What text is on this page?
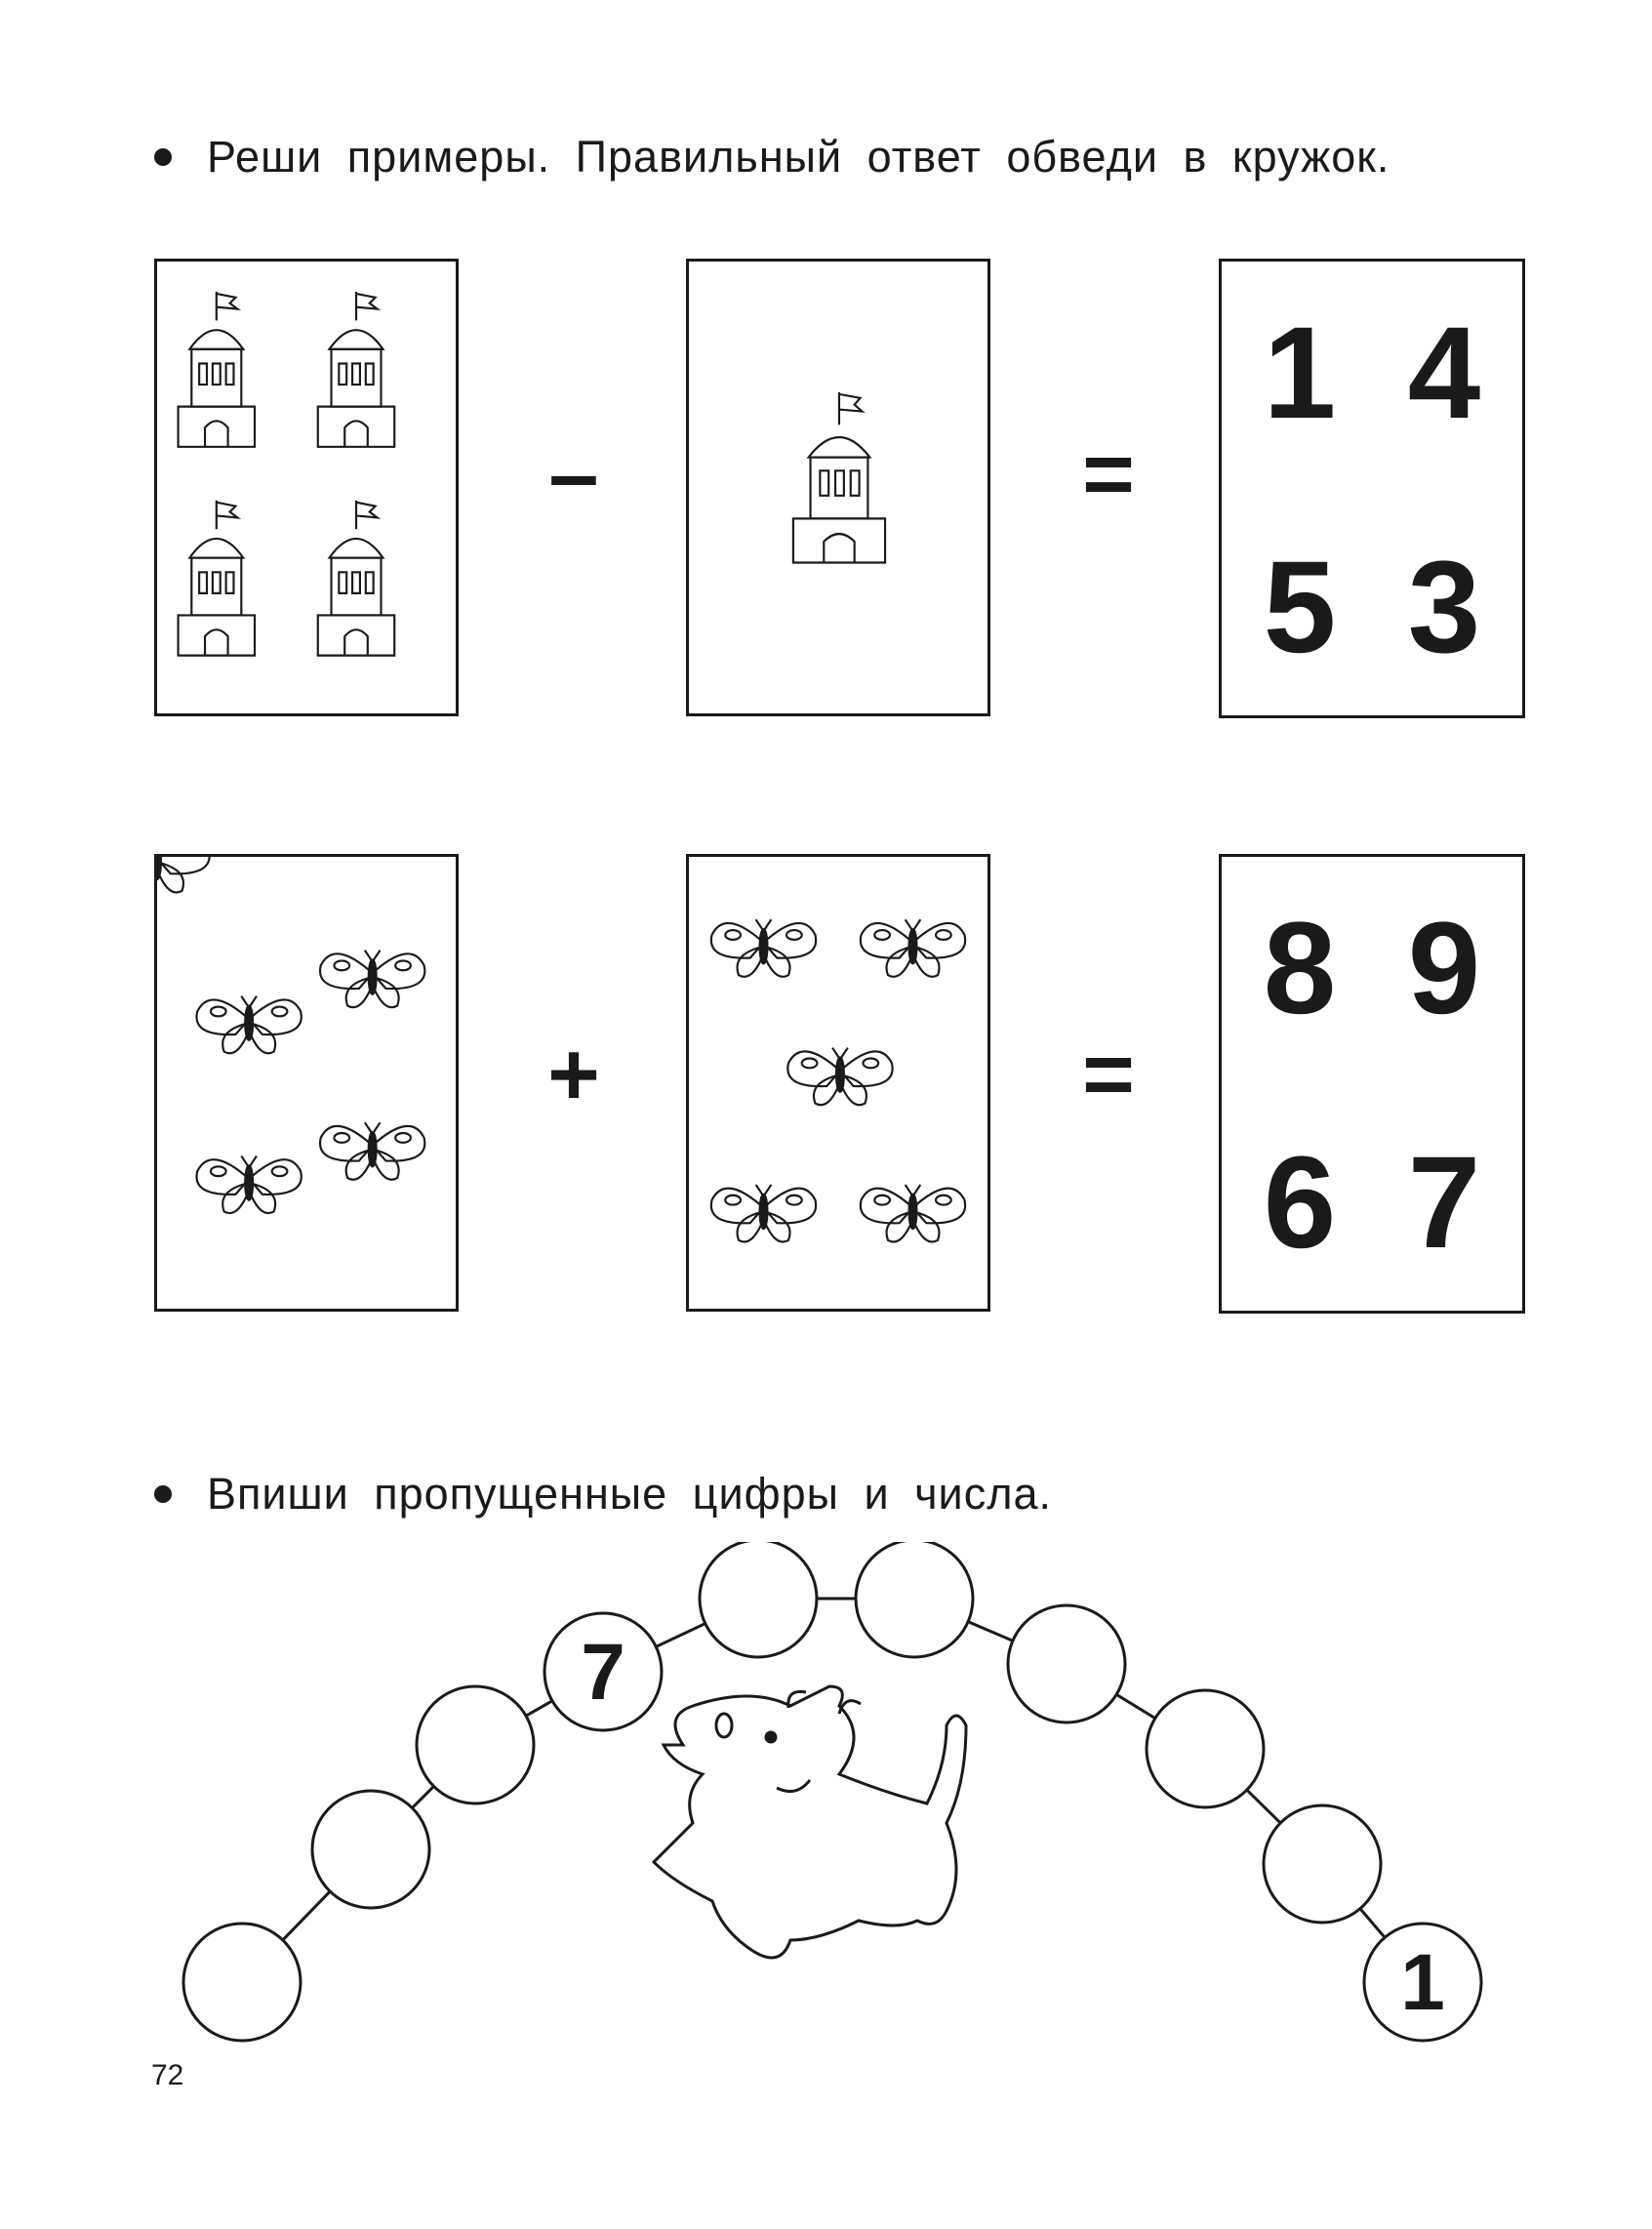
Реши примеры. Правильный ответ обведи в кружок.
–	=
1 4
5 3
+	=
8 9
6 7
Впиши пропущенные цифры и числа.
7
1
72
